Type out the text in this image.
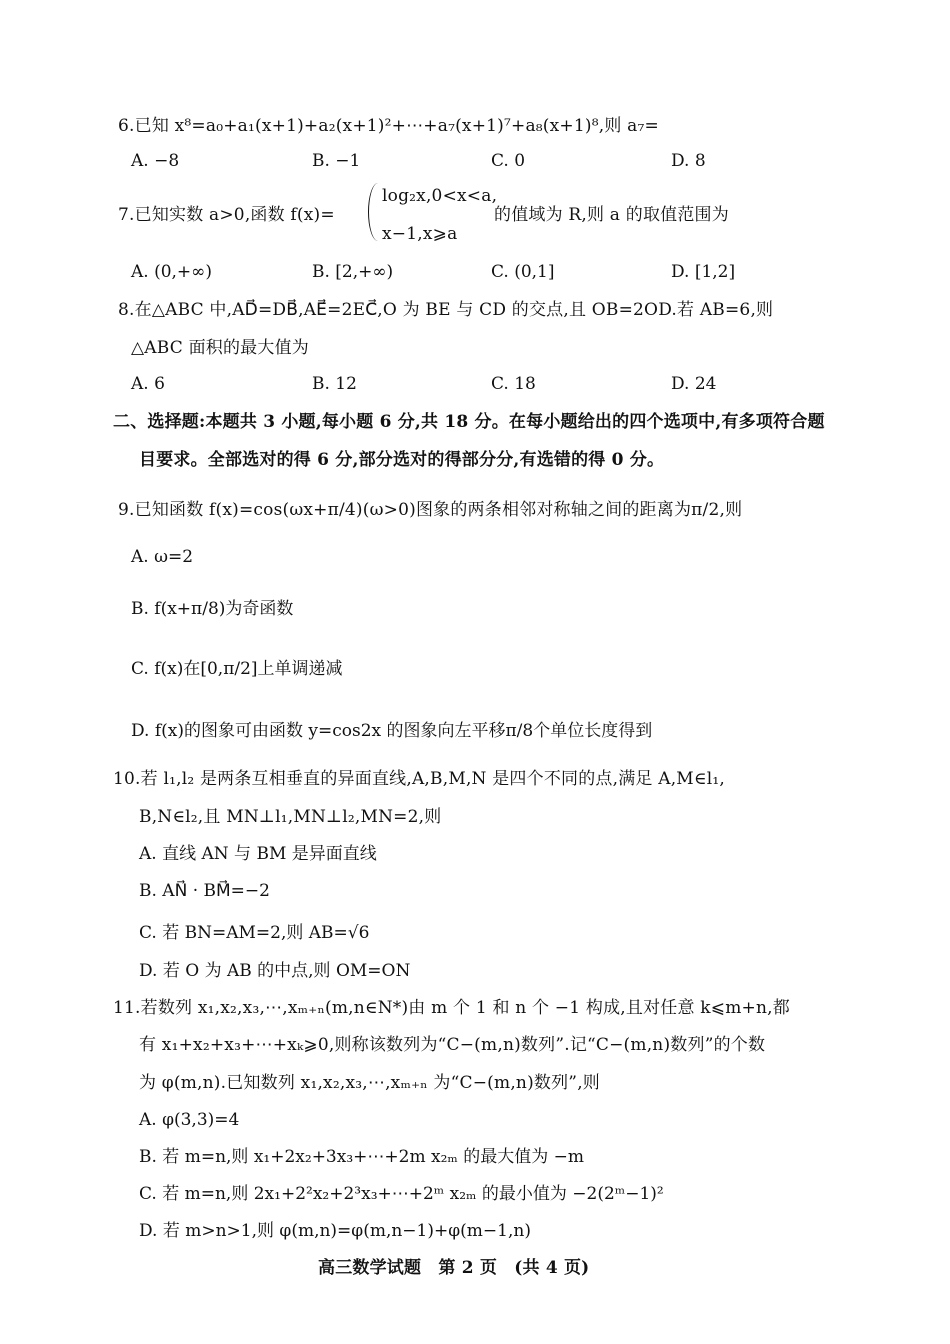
6.已知 x⁸=a₀+a₁(x+1)+a₂(x+1)²+⋯+a₇(x+1)⁷+a₈(x+1)⁸,则 a₇=
A. −8	B. −1	C. 0	D. 8
7.已知实数 a>0,函数 f(x)=
log₂x,0<x<a,
x−1,x⩾a
的值域为 R,则 a 的取值范围为
A. (0,+∞)	B. [2,+∞)	C. (0,1]	D. [1,2]
8.在△ABC 中,AD⃗=DB⃗,AE⃗=2EC⃗,O 为 BE 与 CD 的交点,且 OB=2OD.若 AB=6,则
△ABC 面积的最大值为
A. 6	B. 12	C. 18	D. 24
二、选择题:本题共 3 小题,每小题 6 分,共 18 分。在每小题给出的四个选项中,有多项符合题
目要求。全部选对的得 6 分,部分选对的得部分分,有选错的得 0 分。
9.已知函数 f(x)=cos(ωx+π/4)(ω>0)图象的两条相邻对称轴之间的距离为π/2,则
A. ω=2
B. f(x+π/8)为奇函数
C. f(x)在[0,π/2]上单调递减
D. f(x)的图象可由函数 y=cos2x 的图象向左平移π/8个单位长度得到
10.若 l₁,l₂ 是两条互相垂直的异面直线,A,B,M,N 是四个不同的点,满足 A,M∈l₁,
B,N∈l₂,且 MN⊥l₁,MN⊥l₂,MN=2,则
A. 直线 AN 与 BM 是异面直线
B. AN⃗ · BM⃗=−2
C. 若 BN=AM=2,则 AB=√6
D. 若 O 为 AB 的中点,则 OM=ON
11.若数列 x₁,x₂,x₃,⋯,xₘ₊ₙ(m,n∈N*)由 m 个 1 和 n 个 −1 构成,且对任意 k⩽m+n,都
有 x₁+x₂+x₃+⋯+xₖ⩾0,则称该数列为“C−(m,n)数列”.记“C−(m,n)数列”的个数
为 φ(m,n).已知数列 x₁,x₂,x₃,⋯,xₘ₊ₙ 为“C−(m,n)数列”,则
A. φ(3,3)=4
B. 若 m=n,则 x₁+2x₂+3x₃+⋯+2m x₂ₘ 的最大值为 −m
C. 若 m=n,则 2x₁+2²x₂+2³x₃+⋯+2ᵐ x₂ₘ 的最小值为 −2(2ᵐ−1)²
D. 若 m>n>1,则 φ(m,n)=φ(m,n−1)+φ(m−1,n)
高三数学试题　第 2 页　(共 4 页)
